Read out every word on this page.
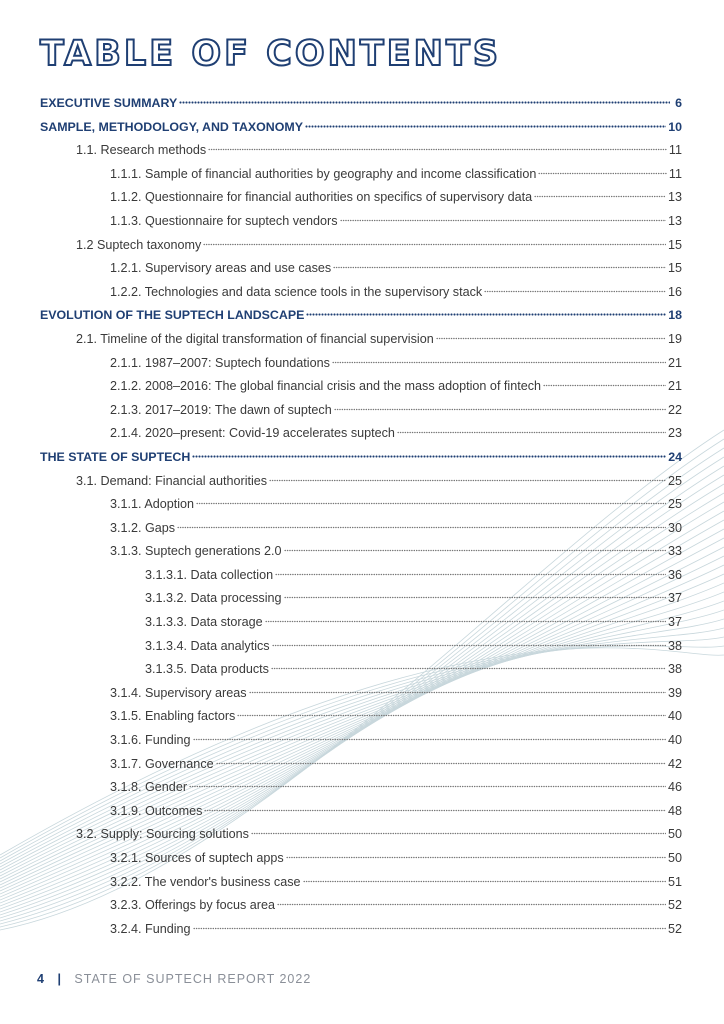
TABLE OF CONTENTS
EXECUTIVE SUMMARY	6
SAMPLE, METHODOLOGY, AND TAXONOMY	10
1.1. Research methods	11
1.1.1. Sample of financial authorities by geography and income classification	11
1.1.2. Questionnaire for financial authorities on specifics of supervisory data	13
1.1.3. Questionnaire for suptech vendors	13
1.2 Suptech taxonomy	15
1.2.1. Supervisory areas and use cases	15
1.2.2. Technologies and data science tools in the supervisory stack	16
EVOLUTION OF THE SUPTECH LANDSCAPE	18
2.1. Timeline of the digital transformation of financial supervision	19
2.1.1. 1987–2007: Suptech foundations	21
2.1.2. 2008–2016: The global financial crisis and the mass adoption of fintech	21
2.1.3. 2017–2019: The dawn of suptech	22
2.1.4. 2020–present: Covid-19 accelerates suptech	23
THE STATE OF SUPTECH	24
3.1. Demand: Financial authorities	25
3.1.1. Adoption	25
3.1.2. Gaps	30
3.1.3. Suptech generations 2.0	33
3.1.3.1. Data collection	36
3.1.3.2. Data processing	37
3.1.3.3. Data storage	37
3.1.3.4. Data analytics	38
3.1.3.5. Data products	38
3.1.4. Supervisory areas	39
3.1.5. Enabling factors	40
3.1.6. Funding	40
3.1.7. Governance	42
3.1.8. Gender	46
3.1.9. Outcomes	48
3.2. Supply: Sourcing solutions	50
3.2.1. Sources of suptech apps	50
3.2.2. The vendor's business case	51
3.2.3. Offerings by focus area	52
3.2.4. Funding	52
4 | STATE OF SUPTECH REPORT 2022
